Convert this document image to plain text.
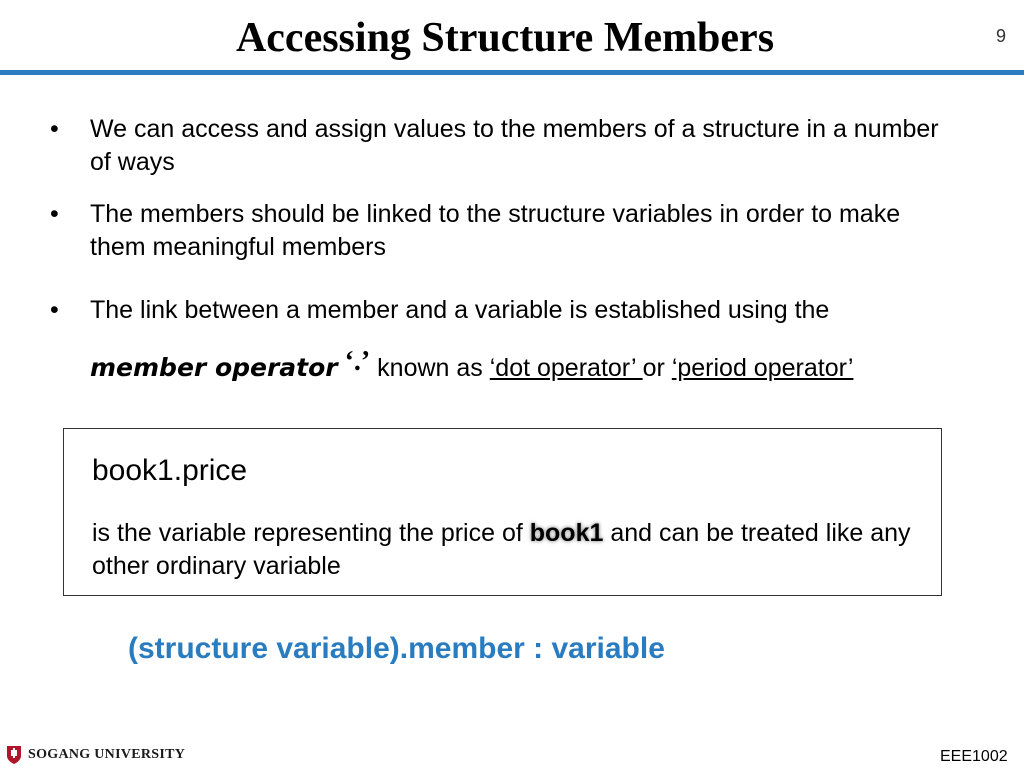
Accessing Structure Members	9
• We can access and assign values to the members of a structure in a number of ways
• The members should be linked to the structure variables in order to make them meaningful members
• The link between a member and a variable is established using the
member operator ‘.’ known as ‘dot operator’ or ‘period operator’
book1.price
is the variable representing the price of book1 and can be treated like any other ordinary variable
(structure variable).member : variable
SOGANG UNIVERSITY	EEE1002
